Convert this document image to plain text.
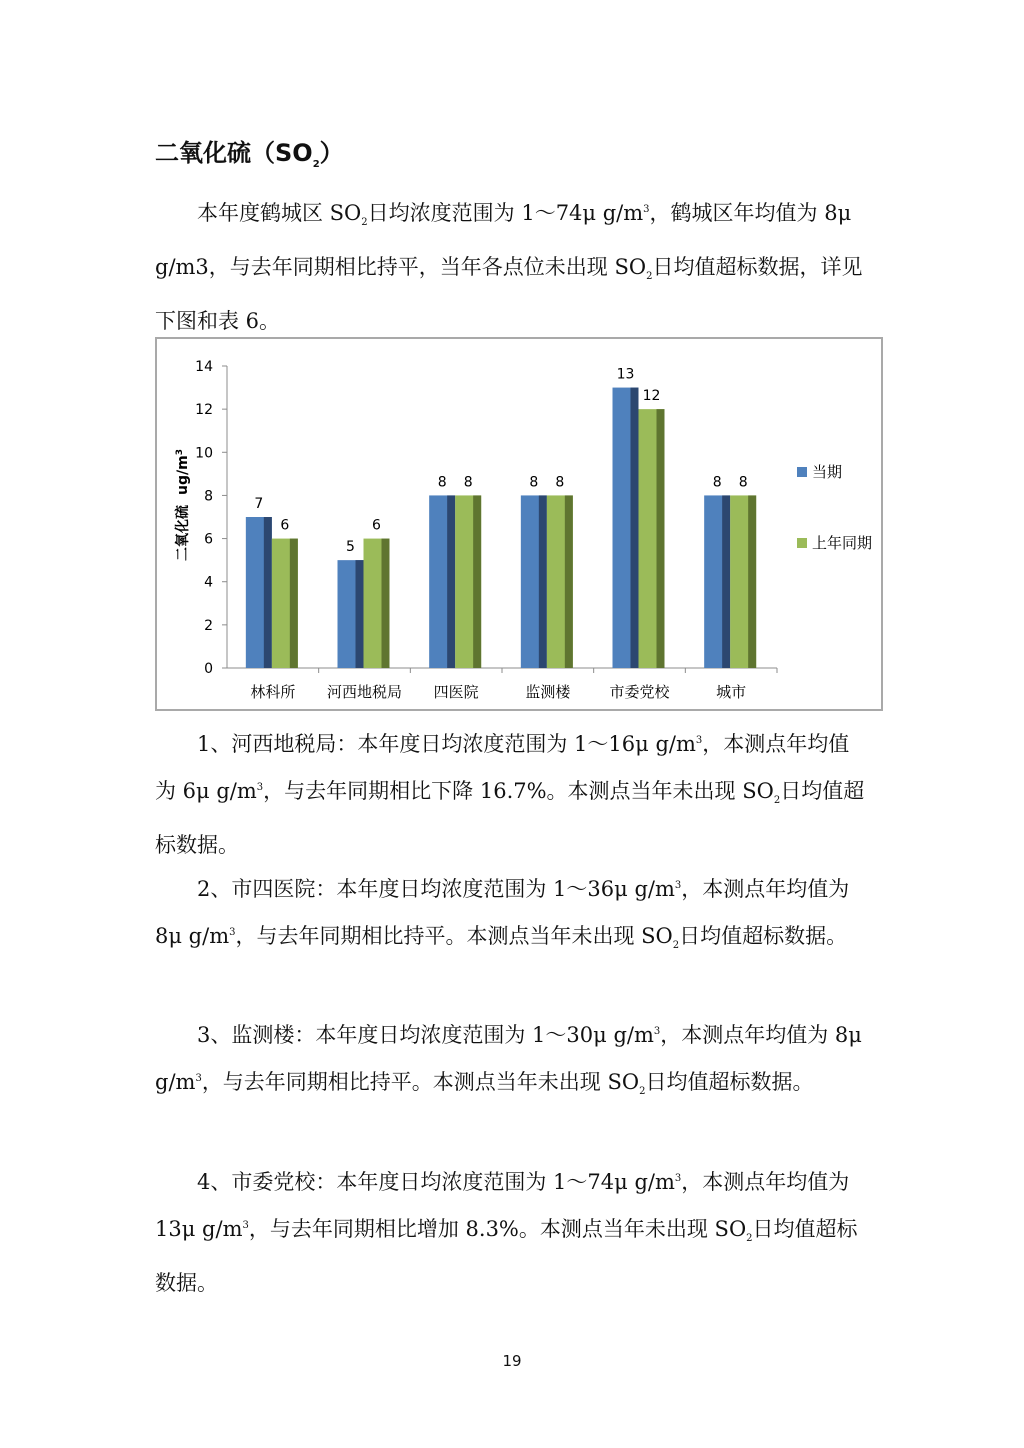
二氧化硫$(SO_2)$

本年度鹤城区 $SO_2$日均浓度范围为 1～74μ $g/m^3$，鹤城区年均值为 8μ g/m3，与去年同期相比持平，当年各点位未出现 $SO_2$日均值超标数据，详见下图和表 6。

0
2
4
6
8
10
12
14
林科所
7
6
河西地税局
5
6
四医院
8 8
监测楼
8 8
市委党校
13
12
城市
8 8
当期
上年同期
二氧化硫$ug/m^3$

1、河西地税局：本年度日均浓度范围为 1～16μ $g/m^3$，本测点年均值为 6μ $g/m^3$，与去年同期相比下降 16.7%。本测点当年未出现 $SO_2$日均值超标数据。

2、市四医院：本年度日均浓度范围为 1～36μ $g/m^3$，本测点年均值为 8μ $g/m^3$，与去年同期相比持平。本测点当年未出现 $SO_2$日均值超标数据。

3、监测楼：本年度日均浓度范围为 1～30μ $g/m^3$，本测点年均值为 8μ $g/m^3$，与去年同期相比持平。本测点当年未出现 $SO_2$日均值超标数据。

4、市委党校：本年度日均浓度范围为 1～74μ $g/m^3$，本测点年均值为 13μ $g/m^3$，与去年同期相比增加 8.3%。本测点当年未出现 $SO_2$日均值超标数据。

19
